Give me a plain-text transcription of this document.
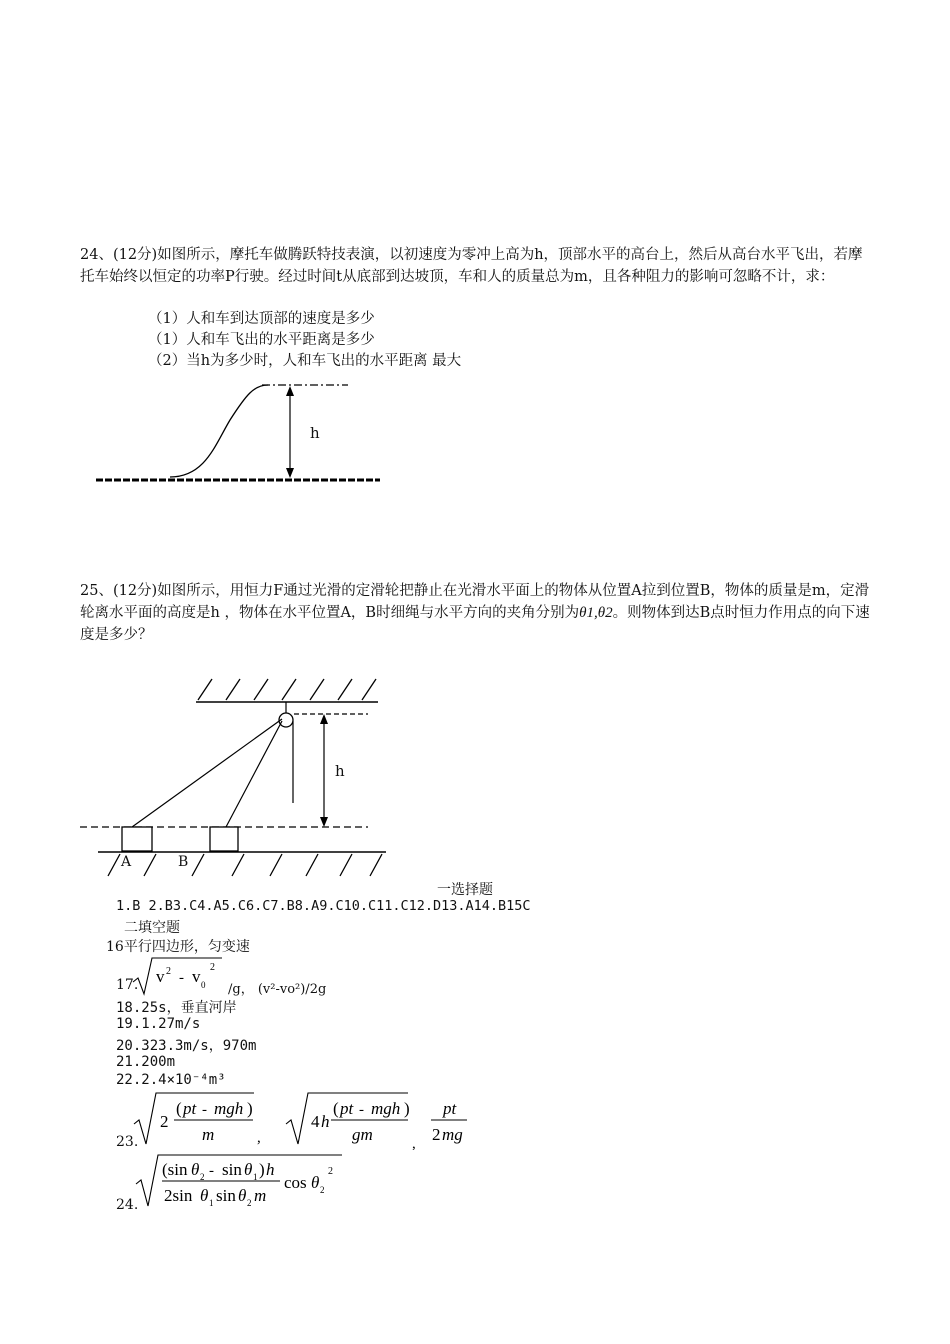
24、(12分)如图所示，摩托车做腾跃特技表演，以初速度为零冲上高为h，顶部水平的高台上，然后从高台水平飞出，若摩托车始终以恒定的功率P行驶。经过时间t从底部到达坡顶，车和人的质量总为m，且各种阻力的影响可忽略不计，求：
（1）人和车到达顶部的速度是多少
（1）人和车飞出的水平距离是多少
（2）当h为多少时，人和车飞出的水平距离 最大
h
25、(12分)如图所示，用恒力F通过光滑的定滑轮把静止在光滑水平面上的物体从位置A拉到位置B，物体的质量是m，定滑轮离水平面的高度是h ，物体在水平位置A，B时细绳与水平方向的夹角分别为θ1,θ2。则物体到达B点时恒力作用点的向下速度是多少？
h
A	B
一选择题
1.B 2.B3.C4.A5.C6.C7.B8.A9.C10.C11.C12.D13.A14.B15C
二填空题
16平行四边形，匀变速
17. v 2 - v 0
2
/g， (v²-vo²)/2g
18.25s，垂直河岸
19.1.27m/s
20.323.3m/s，970m
21.200m
22.2.4×10⁻⁴m³
23.
2
( pt - mgh )
m	,
4 h
( pt - mgh )
gm	,
pt
2 mg
24.
(sin θ 2 - sin θ 1 ) h
2sin θ 1 sin θ 2 m
cos θ 2
2
